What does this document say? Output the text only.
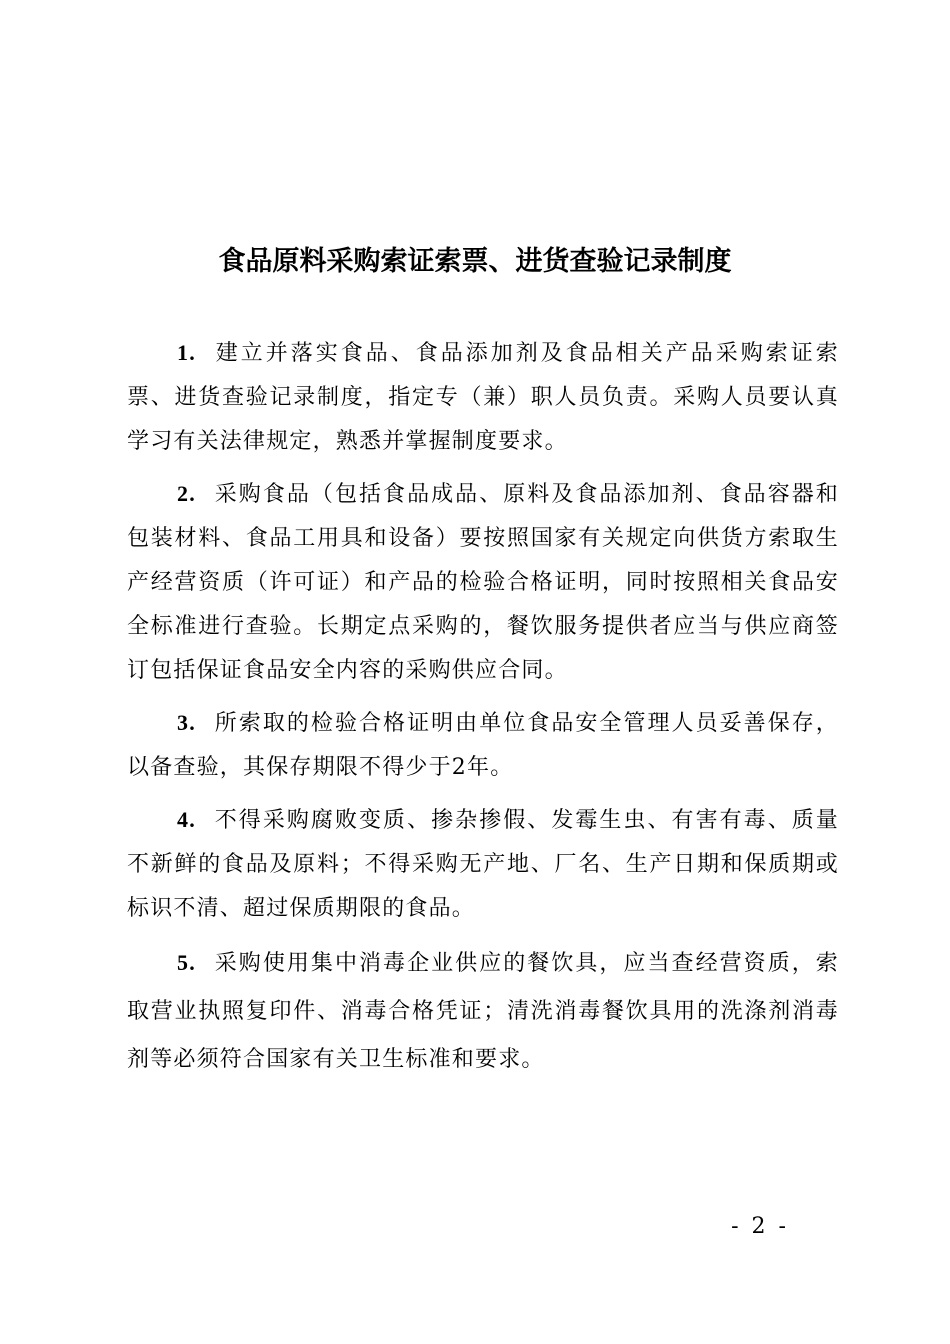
食品原料采购索证索票、进货查验记录制度

1. 建立并落实食品、食品添加剂及食品相关产品采购索证索票、进货查验记录制度，指定专（兼）职人员负责。采购人员要认真学习有关法律规定，熟悉并掌握制度要求。

2. 采购食品（包括食品成品、原料及食品添加剂、食品容器和包装材料、食品工用具和设备）要按照国家有关规定向供货方索取生产经营资质（许可证）和产品的检验合格证明，同时按照相关食品安全标准进行查验。长期定点采购的，餐饮服务提供者应当与供应商签订包括保证食品安全内容的采购供应合同。

3. 所索取的检验合格证明由单位食品安全管理人员妥善保存，以备查验，其保存期限不得少于2年。

4. 不得采购腐败变质、掺杂掺假、发霉生虫、有害有毒、质量不新鲜的食品及原料；不得采购无产地、厂名、生产日期和保质期或标识不清、超过保质期限的食品。

5. 采购使用集中消毒企业供应的餐饮具，应当查经营资质，索取营业执照复印件、消毒合格凭证；清洗消毒餐饮具用的洗涤剂消毒剂等必须符合国家有关卫生标准和要求。

- 2 -
